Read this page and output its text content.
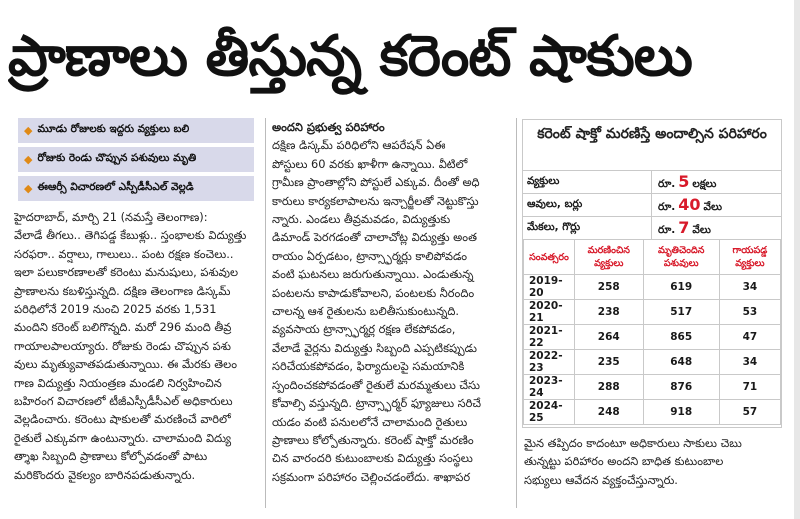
ప్రాణాలు తీస్తున్న కరెంట్ షాకులు
◆ మూడు రోజులకు ఇద్దరు వ్యక్తులు బలి
◆ రోజుకు రెండు చొప్పున పశువులు మృతి
◆ ఈఆర్సీ విచారణలో ఎస్పీడీసీఎల్ వెల్లడి

హైదరాబాద్, మార్చి 21 (నమస్తే తెలంగాణ):

వేలాడే తీగలు.. తెగిపడ్డ కేబుళ్లు.. స్తంభాలకు విద్యుత్తు

సరఫరా.. వర్షాలు, గాలులు.. పంట రక్షణ కంచెలు..

ఇలా పలుకారణాలతో కరెంటు మనుషులు, పశువుల

ప్రాణాలను కబళిస్తున్నది. దక్షిణ తెలంగాణ డిస్కమ్

పరిధిలోనే 2019 నుంచి 2025 వరకు 1,531

మందిని కరెంట్ బలిగొన్నది. మరో 296 మంది తీవ్ర

గాయాలపాలయ్యారు. రోజుకు రెండు చొప్పున పశు

వులు మృత్యువాతపడుతున్నాయి. ఈ మేరకు తెలం

గాణ విద్యుత్తు నియంత్రణ మండలి నిర్వహించిన

బహిరంగ విచారణలో టీజీఎస్పీడీసీఎల్ అధికారులు

వెల్లడించారు. కరెంటు షాకులతో మరణించే వారిలో

రైతులే ఎక్కువగా ఉంటున్నారు. చాలామంది విద్యు

త్శాఖ సిబ్బంది ప్రాణాలు కోల్పోవడంతో పాటు

మరికొందరు వైకల్యం బారినపడుతున్నారు.

అందని ప్రభుత్వ పరిహారం

దక్షిణ డిస్కమ్ పరిధిలోని ఆపరేషన్ ఏఈ

పోస్టులు 60 వరకు ఖాళీగా ఉన్నాయి. వీటిలో

గ్రామీణ ప్రాంతాల్లోని పోస్టులే ఎక్కువ. దీంతో అధి

కారులు కార్యకలాపాలను ఇన్చార్జీలతో నెట్టుకొస్తు

న్నారు. ఎండలు తీవ్రమవడం, విద్యుత్తుకు

డిమాండ్ పెరగడంతో చాలాచోట్ల విద్యుత్తు అంత

రాయం ఏర్పడటం, ట్రాన్స్ఫార్మర్లు కాలిపోవడం

వంటి ఘటనలు జరుగుతున్నాయి. ఎండుతున్న

పంటలను కాపాడుకోవాలని, పంటలకు నీరందిం

చాలన్న ఆశ రైతులను బలితీసుకుంటున్నది.

వ్యవసాయ ట్రాన్స్ఫార్మర్ల రక్షణ లేకపోవడం,

వేలాడే వైర్లను విద్యుత్తు సిబ్బంది ఎప్పటికప్పుడు

సరిచేయకపోవడం, ఫిర్యాదులపై సమయానికి

స్పందించకపోవడంతో రైతులే మరమ్మతులు చేసు

కోవాల్సి వస్తున్నది. ట్రాన్స్ఫార్మర్ ఫ్యూజులు సరిచే

యడం వంటి పనులలోనే చాలామంది రైతులు

ప్రాణాలు కోల్పోతున్నారు. కరెంట్ షాక్తో మరణిం

చిన వారందరి కుటుంబాలకు విద్యుత్తు సంస్థలు

సక్రమంగా పరిహారం చెల్లించడంలేదు. శాఖాపర

కరెంట్ షాక్తో మరణిస్తే అందాల్సిన పరిహారం
వ్యక్తులు	రూ. 5 లక్షలు
ఆవులు, బర్లు	రూ. 40 వేలు
మేకలు, గొర్లు	రూ. 7 వేలు
సంవత్సరం	మరణించిన వ్యక్తులు	మృతిచెందిన పశువులు	గాయపడ్డ వ్యక్తులు
2019-20	258	619	34
2020-21	238	517	53
2021-22	264	865	47
2022-23	235	648	34
2023-24	288	876	71
2024-25	248	918	57

మైన తప్పిదం కాదంటూ అధికారులు సాకులు చెబు

తున్నట్టు పరిహారం అందని బాధిత కుటుంబాల

సభ్యులు ఆవేదన వ్యక్తంచేస్తున్నారు.
